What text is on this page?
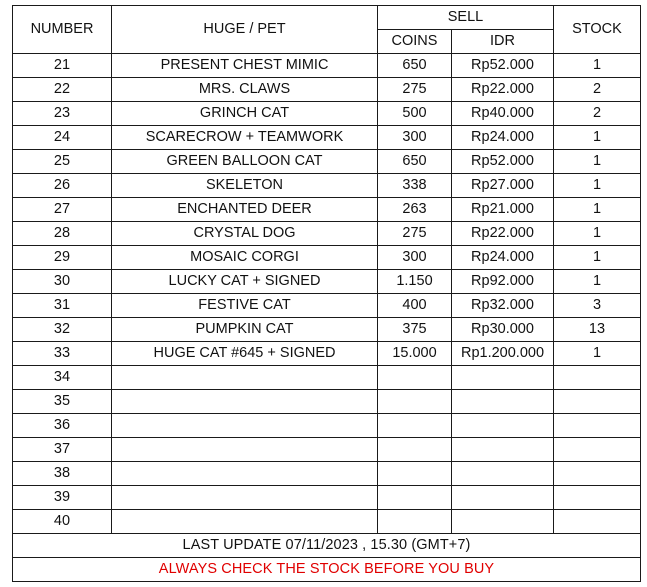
NUMBER	HUGE / PET	SELL		STOCK
		COINS	IDR	
21	PRESENT CHEST MIMIC	650	Rp52.000	1
22	MRS. CLAWS	275	Rp22.000	2
23	GRINCH CAT	500	Rp40.000	2
24	SCARECROW + TEAMWORK	300	Rp24.000	1
25	GREEN BALLOON CAT	650	Rp52.000	1
26	SKELETON	338	Rp27.000	1
27	ENCHANTED DEER	263	Rp21.000	1
28	CRYSTAL DOG	275	Rp22.000	1
29	MOSAIC CORGI	300	Rp24.000	1
30	LUCKY CAT + SIGNED	1.150	Rp92.000	1
31	FESTIVE CAT	400	Rp32.000	3
32	PUMPKIN CAT	375	Rp30.000	13
33	HUGE CAT #645 + SIGNED	15.000	Rp1.200.000	1
34				
35				
36				
37				
38				
39				
40				
LAST UPDATE 07/11/2023 , 15.30 (GMT+7)				
ALWAYS CHECK THE STOCK BEFORE YOU BUY				
